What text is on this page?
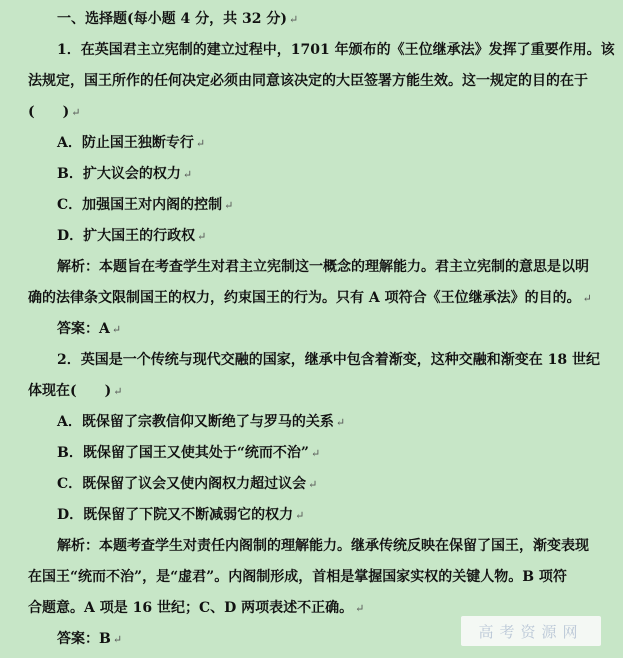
一、选择题(每小题 4 分，共 32 分) ↵
1．在英国君主立宪制的建立过程中，1701 年颁布的《王位继承法》发挥了重要作用。该
法规定，国王所作的任何决定必须由同意该决定的大臣签署方能生效。这一规定的目的在于
(　　) ↵
A．防止国王独断专行 ↵
B．扩大议会的权力 ↵
C．加强国王对内阁的控制 ↵
D．扩大国王的行政权 ↵
解析：本题旨在考查学生对君主立宪制这一概念的理解能力。君主立宪制的意思是以明
确的法律条文限制国王的权力，约束国王的行为。只有 A 项符合《王位继承法》的目的。 ↵
答案：A ↵
2．英国是一个传统与现代交融的国家，继承中包含着渐变，这种交融和渐变在 18 世纪
体现在(　　) ↵
A．既保留了宗教信仰又断绝了与罗马的关系 ↵
B．既保留了国王又使其处于“统而不治” ↵
C．既保留了议会又使内阁权力超过议会 ↵
D．既保留了下院又不断减弱它的权力 ↵
解析：本题考查学生对责任内阁制的理解能力。继承传统反映在保留了国王，渐变表现
在国王“统而不治”，是“虚君”。内阁制形成，首相是掌握国家实权的关键人物。B 项符
合题意。A 项是 16 世纪；C、D 两项表述不正确。 ↵
答案：B ↵	高考资源网
